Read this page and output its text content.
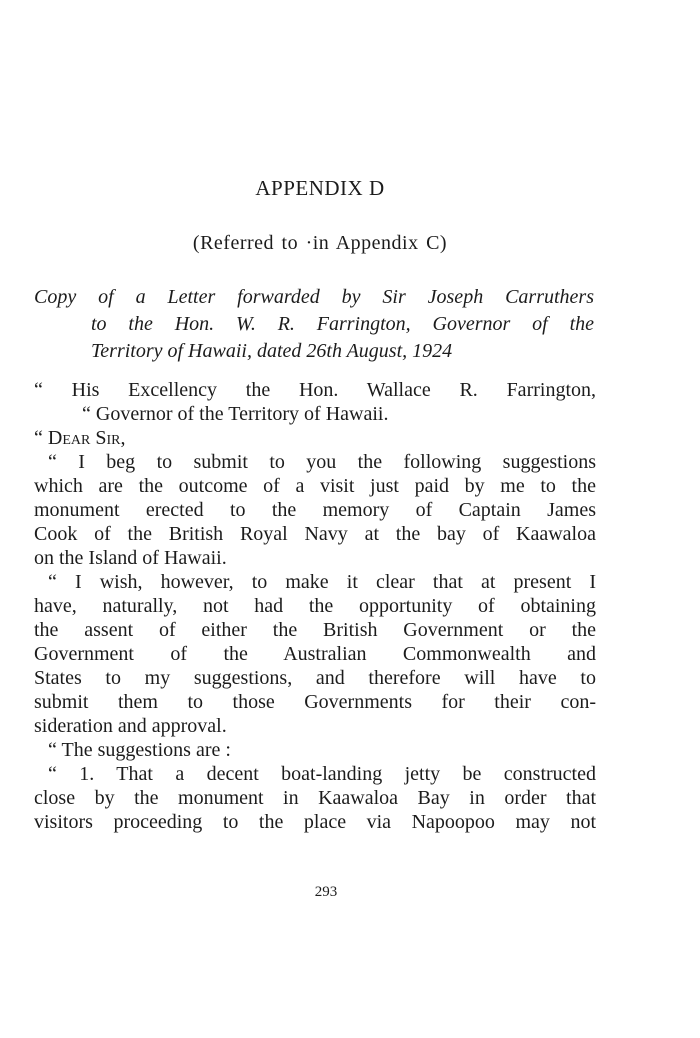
APPENDIX D
(Referred to ·in Appendix C)
Copy of a Letter forwarded by Sir Joseph Carruthers
to the Hon. W. R. Farrington, Governor of the
Territory of Hawaii, dated 26th August, 1924
“ His Excellency the Hon. Wallace R. Farrington,
“ Governor of the Territory of Hawaii.
“ Dear Sir,
“ I beg to submit to you the following suggestions
which are the outcome of a visit just paid by me to the
monument erected to the memory of Captain James
Cook of the British Royal Navy at the bay of Kaawaloa
on the Island of Hawaii.
“ I wish, however, to make it clear that at present I
have, naturally, not had the opportunity of obtaining
the assent of either the British Government or the
Government of the Australian Commonwealth and
States to my suggestions, and therefore will have to
submit them to those Governments for their con-
sideration and approval.
“ The suggestions are :
“ 1. That a decent boat-landing jetty be constructed
close by the monument in Kaawaloa Bay in order that
visitors proceeding to the place via Napoopoo may not
293
